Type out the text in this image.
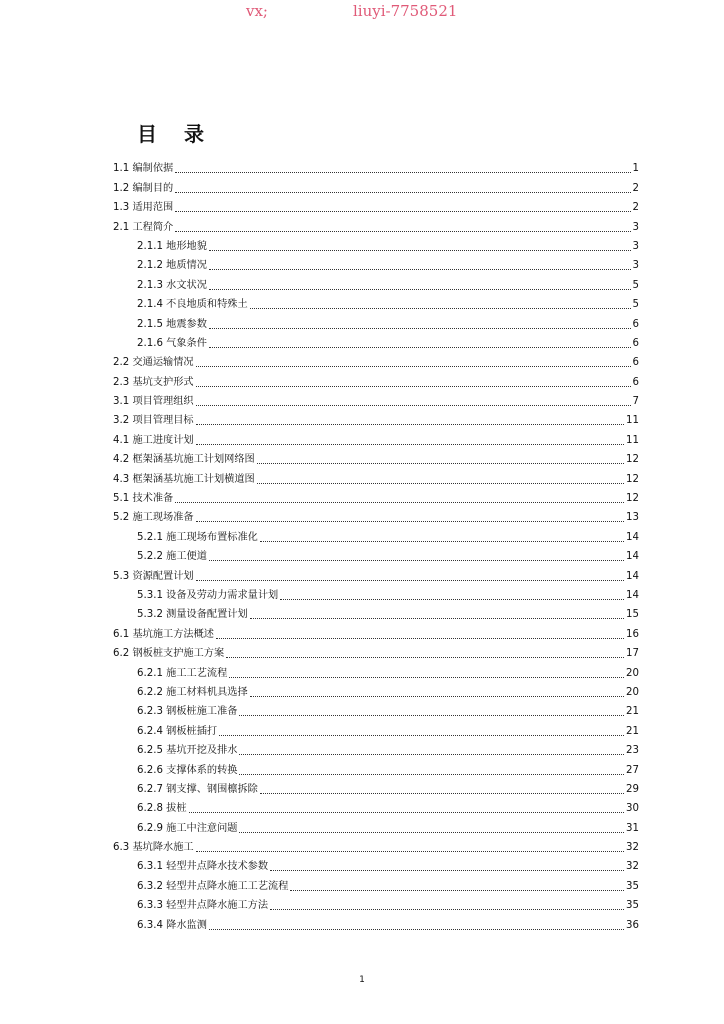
vx;	liuyi-7758521
目 录
1.1 编制依据	1
1.2 编制目的	2
1.3 适用范围	2
2.1 工程简介	3
2.1.1 地形地貌	3
2.1.2 地质情况	3
2.1.3 水文状况	5
2.1.4 不良地质和特殊土	5
2.1.5 地震参数	6
2.1.6 气象条件	6
2.2 交通运输情况	6
2.3 基坑支护形式	6
3.1 项目管理组织	7
3.2 项目管理目标	11
4.1 施工进度计划	11
4.2 框架涵基坑施工计划网络图	12
4.3 框架涵基坑施工计划横道图	12
5.1 技术准备	12
5.2 施工现场准备	13
5.2.1 施工现场布置标准化	14
5.2.2 施工便道	14
5.3 资源配置计划	14
5.3.1 设备及劳动力需求量计划	14
5.3.2 测量设备配置计划	15
6.1 基坑施工方法概述	16
6.2 钢板桩支护施工方案	17
6.2.1 施工工艺流程	20
6.2.2 施工材料机具选择	20
6.2.3 钢板桩施工准备	21
6.2.4 钢板桩插打	21
6.2.5 基坑开挖及排水	23
6.2.6 支撑体系的转换	27
6.2.7 钢支撑、钢围檩拆除	29
6.2.8 拔桩	30
6.2.9 施工中注意问题	31
6.3 基坑降水施工	32
6.3.1 轻型井点降水技术参数	32
6.3.2 轻型井点降水施工工艺流程	35
6.3.3 轻型井点降水施工方法	35
6.3.4 降水监测	36
1
